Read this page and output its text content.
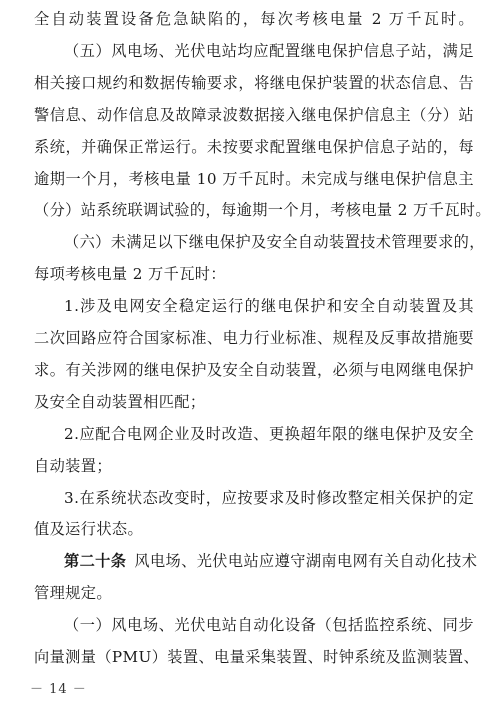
全自动装置设备危急缺陷的，每次考核电量 2 万千瓦时。
（五）风电场、光伏电站均应配置继电保护信息子站，满足
相关接口规约和数据传输要求，将继电保护装置的状态信息、告
警信息、动作信息及故障录波数据接入继电保护信息主（分）站
系统，并确保正常运行。未按要求配置继电保护信息子站的，每
逾期一个月，考核电量 10 万千瓦时。未完成与继电保护信息主
（分）站系统联调试验的，每逾期一个月，考核电量 2 万千瓦时。
（六）未满足以下继电保护及安全自动装置技术管理要求的，
每项考核电量 2 万千瓦时：
1.涉及电网安全稳定运行的继电保护和安全自动装置及其
二次回路应符合国家标准、电力行业标准、规程及反事故措施要
求。有关涉网的继电保护及安全自动装置，必须与电网继电保护
及安全自动装置相匹配；
2.应配合电网企业及时改造、更换超年限的继电保护及安全
自动装置；
3.在系统状态改变时，应按要求及时修改整定相关保护的定
值及运行状态。
第二十条 风电场、光伏电站应遵守湖南电网有关自动化技术
管理规定。
（一）风电场、光伏电站自动化设备（包括监控系统、同步
向量测量（PMU）装置、电量采集装置、时钟系统及监测装置、
－ 14 －
